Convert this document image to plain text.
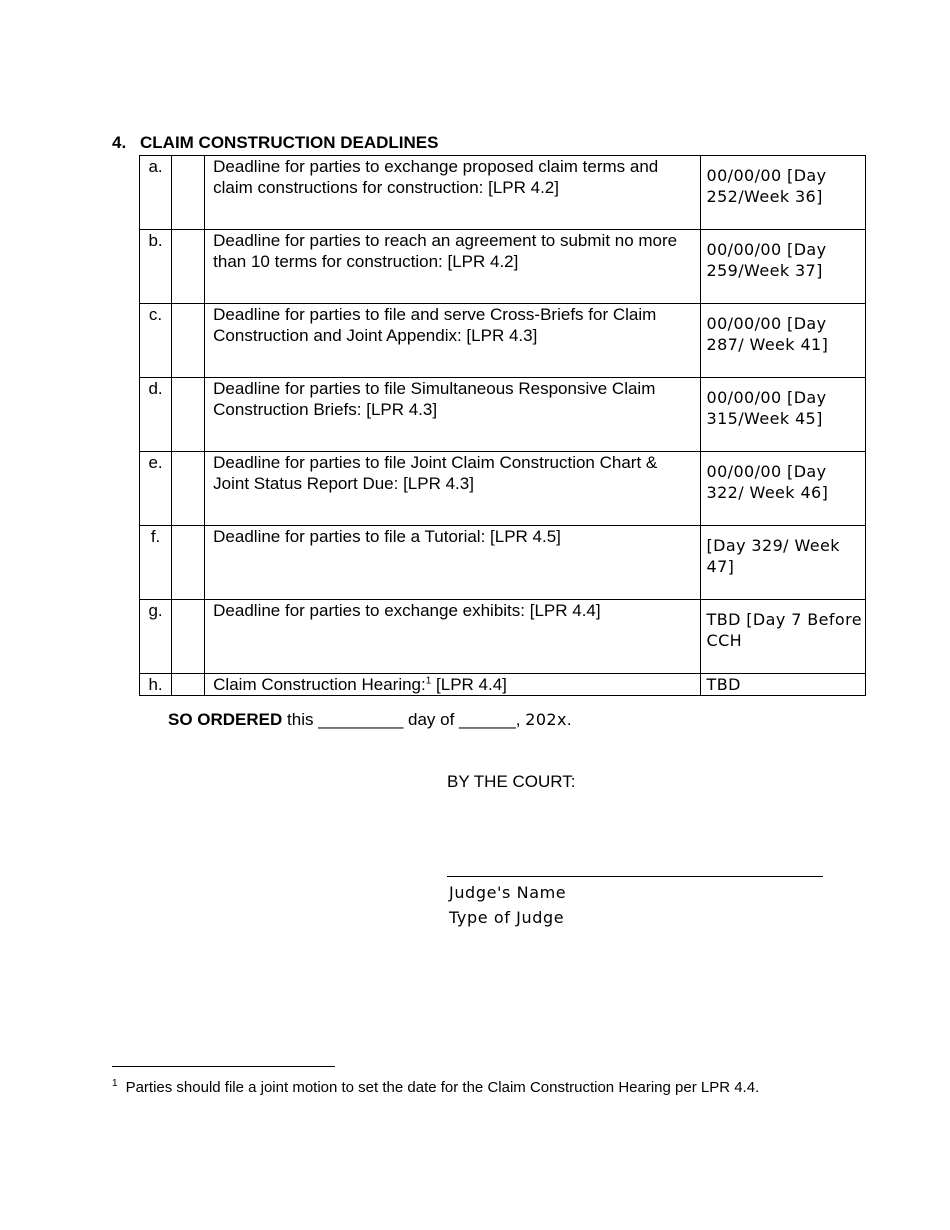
4. CLAIM CONSTRUCTION DEADLINES
a.		Deadline for parties to exchange proposed claim terms and claim constructions for construction: [LPR 4.2]	00/00/00 [Day 252/Week 36]
b.		Deadline for parties to reach an agreement to submit no more than 10 terms for construction: [LPR 4.2]	00/00/00 [Day 259/Week 37]
c.		Deadline for parties to file and serve Cross-Briefs for Claim Construction and Joint Appendix: [LPR 4.3]	00/00/00 [Day 287/ Week 41]
d.		Deadline for parties to file Simultaneous Responsive Claim Construction Briefs: [LPR 4.3]	00/00/00 [Day 315/Week 45]
e.		Deadline for parties to file Joint Claim Construction Chart & Joint Status Report Due: [LPR 4.3]	00/00/00 [Day 322/ Week 46]
f.		Deadline for parties to file a Tutorial: [LPR 4.5]	[Day 329/ Week 47]
g.		Deadline for parties to exchange exhibits: [LPR 4.4]	TBD [Day 7 Before CCH
h.		Claim Construction Hearing:$^1$ [LPR 4.4]	TBD
SO ORDERED this _________ day of ______, 202x.
BY THE COURT:
Judge's Name
Type of Judge
$^1$ Parties should file a joint motion to set the date for the Claim Construction Hearing per LPR 4.4.
